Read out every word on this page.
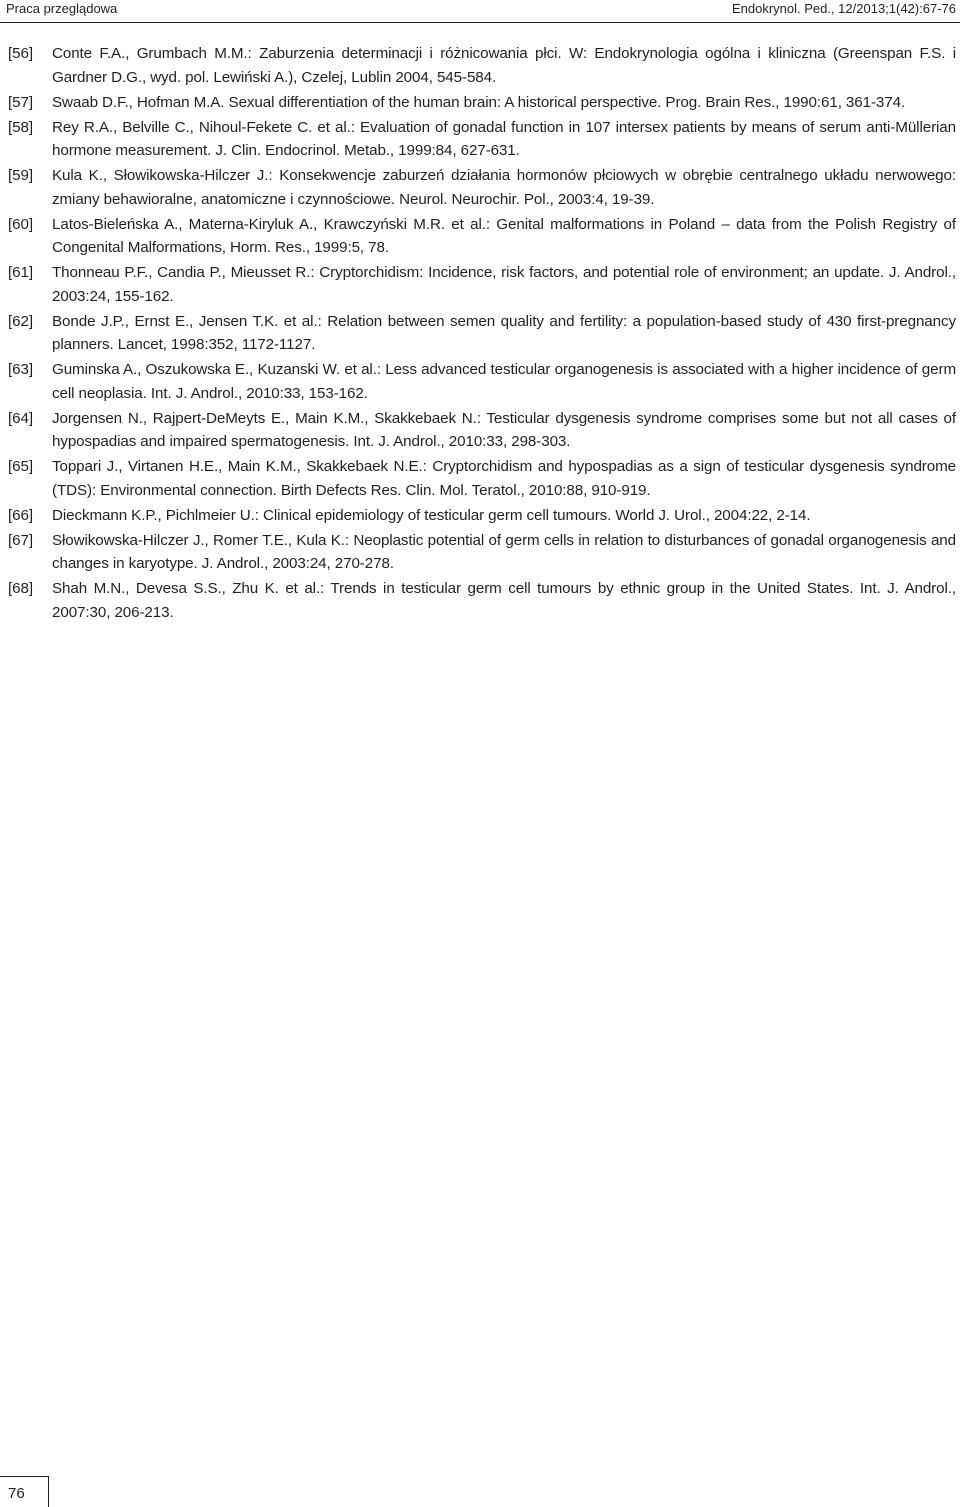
Praca przeglądowa	Endokrynol. Ped., 12/2013;1(42):67-76
[56]	Conte F.A., Grumbach M.M.: Zaburzenia determinacji i różnicowania płci. W: Endokrynologia ogólna i kliniczna (Greenspan F.S. i Gardner D.G., wyd. pol. Lewiński A.), Czelej, Lublin 2004, 545-584.
[57]	Swaab D.F., Hofman M.A. Sexual differentiation of the human brain: A historical perspective. Prog. Brain Res., 1990:61, 361-374.
[58]	Rey R.A., Belville C., Nihoul-Fekete C. et al.: Evaluation of gonadal function in 107 intersex patients by means of serum anti-Müllerian hormone measurement. J. Clin. Endocrinol. Metab., 1999:84, 627-631.
[59]	Kula K., Słowikowska-Hilczer J.: Konsekwencje zaburzeń działania hormonów płciowych w obrębie centralnego układu nerwowego: zmiany behawioralne, anatomiczne i czynnościowe. Neurol. Neurochir. Pol., 2003:4, 19-39.
[60]	Latos-Bieleńska A., Materna-Kiryluk A., Krawczyński M.R. et al.: Genital malformations in Poland – data from the Polish Registry of Congenital Malformations, Horm. Res., 1999:5, 78.
[61]	Thonneau P.F., Candia P., Mieusset R.: Cryptorchidism: Incidence, risk factors, and potential role of environment; an update. J. Androl., 2003:24, 155-162.
[62]	Bonde J.P., Ernst E., Jensen T.K. et al.: Relation between semen quality and fertility: a population-based study of 430 first-pregnancy planners. Lancet, 1998:352, 1172-1127.
[63]	Guminska A., Oszukowska E., Kuzanski W. et al.: Less advanced testicular organogenesis is associated with a higher incidence of germ cell neoplasia. Int. J. Androl., 2010:33, 153-162.
[64]	Jorgensen N., Rajpert-DeMeyts E., Main K.M., Skakkebaek N.: Testicular dysgenesis syndrome comprises some but not all cases of hypospadias and impaired spermatogenesis. Int. J. Androl., 2010:33, 298-303.
[65]	Toppari J., Virtanen H.E., Main K.M., Skakkebaek N.E.: Cryptorchidism and hypospadias as a sign of testicular dysgenesis syndrome (TDS): Environmental connection. Birth Defects Res. Clin. Mol. Teratol., 2010:88, 910-919.
[66]	Dieckmann K.P., Pichlmeier U.: Clinical epidemiology of testicular germ cell tumours. World J. Urol., 2004:22, 2-14.
[67]	Słowikowska-Hilczer J., Romer T.E., Kula K.: Neoplastic potential of germ cells in relation to disturbances of gonadal organogenesis and changes in karyotype. J. Androl., 2003:24, 270-278.
[68]	Shah M.N., Devesa S.S., Zhu K. et al.: Trends in testicular germ cell tumours by ethnic group in the United States. Int. J. Androl., 2007:30, 206-213.
76
